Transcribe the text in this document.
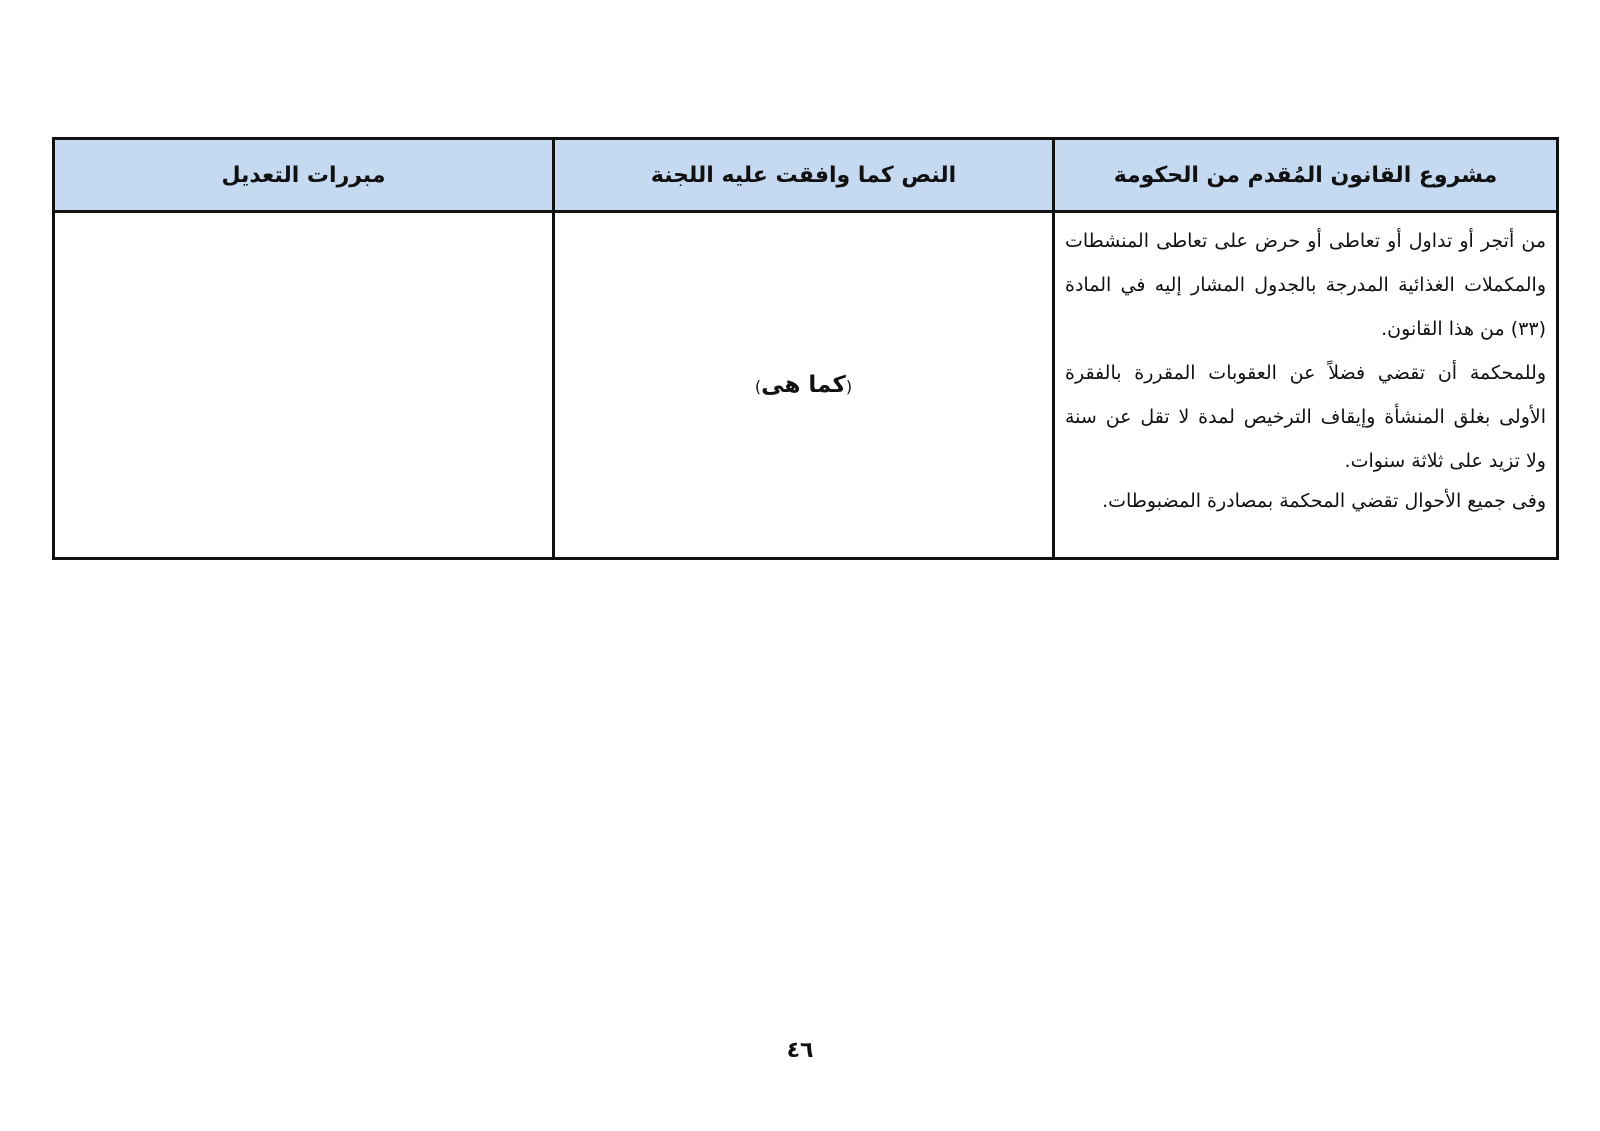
مشروع القانون المُقدم من الحكومة	النص كما وافقت عليه اللجنة	مبررات التعديل

من أتجر أو تداول أو تعاطى أو حرض على تعاطى المنشطات والمكملات الغذائية المدرجة بالجدول المشار إليه في المادة (٣٣) من هذا القانون.

وللمحكمة أن تقضي فضلاً عن العقوبات المقررة بالفقرة الأولى بغلق المنشأة وإيقاف الترخيص لمدة لا تقل عن سنة ولا تزيد على ثلاثة سنوات.

وفى جميع الأحوال تقضي المحكمة بمصادرة المضبوطات.	(كما هى)	
٤٦
